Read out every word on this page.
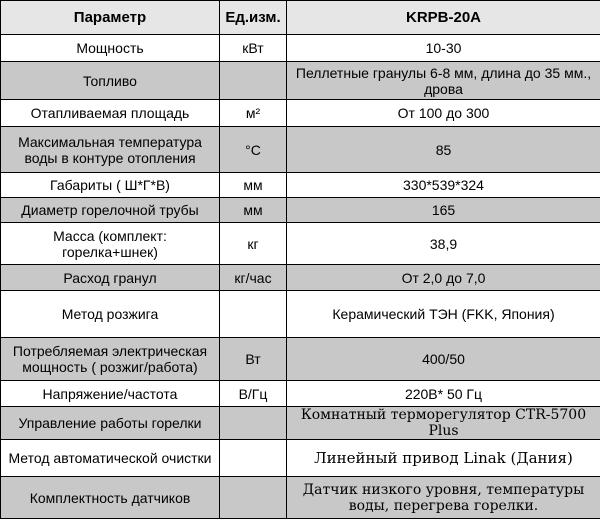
Параметр	Ед.изм.	KRPB-20A
Мощность	кВт	10-30
Топливо		Пеллетные гранулы 6-8 мм, длина до 35 мм., дрова
Отапливаемая площадь	м²	От 100 до 300
Максимальная температура воды в контуре отопления	°С	85
Габариты ( Ш*Г*В)	мм	330*539*324
Диаметр горелочной трубы	мм	165
Масса (комплект: горелка+шнек)	кг	38,9
Расход гранул	кг/час	От 2,0 до 7,0
Метод розжига		Керамический ТЭН (FKK, Япония)
Потребляемая электрическая мощность ( розжиг/работа)	Вт	400/50
Напряжение/частота	В/Гц	220В* 50 Гц
Управление работы горелки		Комнатный терморегулятор CTR-5700 Plus
Метод автоматической очистки		Линейный привод Linak (Дания)
Комплектность датчиков		Датчик низкого уровня, температуры воды, перегрева горелки.
